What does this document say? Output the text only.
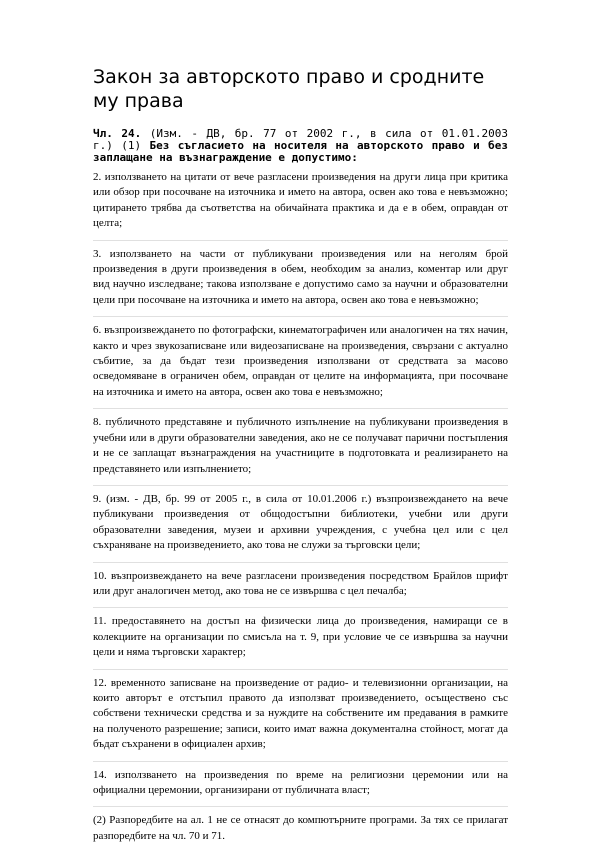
Закон за авторското право и сродните му права

Чл. 24. (Изм. - ДВ, бр. 77 от 2002 г., в сила от 01.01.2003 г.) (1) Без съгласието на носителя на авторското право и без заплащане на възнаграждение е допустимо:

2. използването на цитати от вече разгласени произведения на други лица при критика или обзор при посочване на източника и името на автора, освен ако това е невъзможно; цитирането трябва да съответства на обичайната практика и да е в обем, оправдан от целта;

3. използването на части от публикувани произведения или на неголям брой произведения в други произведения в обем, необходим за анализ, коментар или друг вид научно изследване; такова използване е допустимо само за научни и образователни цели при посочване на източника и името на автора, освен ако това е невъзможно;

6. възпроизвеждането по фотографски, кинематографичен или аналогичен на тях начин, както и чрез звукозаписване или видеозаписване на произведения, свързани с актуално събитие, за да бъдат тези произведения използвани от средствата за масово осведомяване в ограничен обем, оправдан от целите на информацията, при посочване на източника и името на автора, освен ако това е невъзможно;

8. публичното представяне и публичното изпълнение на публикувани произведения в учебни или в други образователни заведения, ако не се получават парични постъпления и не се заплащат възнаграждения на участниците в подготовката и реализирането на представянето или изпълнението;

9. (изм. - ДВ, бр. 99 от 2005 г., в сила от 10.01.2006 г.) възпроизвеждането на вече публикувани произведения от общодостъпни библиотеки, учебни или други образователни заведения, музеи и архивни учреждения, с учебна цел или с цел съхраняване на произведението, ако това не служи за търговски цели;

10. възпроизвеждането на вече разгласени произведения посредством Брайлов шрифт или друг аналогичен метод, ако това не се извършва с цел печалба;

11. предоставянето на достъп на физически лица до произведения, намиращи се в колекциите на организации по смисъла на т. 9, при условие че се извършва за научни цели и няма търговски характер;

12. временното записване на произведение от радио- и телевизионни организации, на които авторът е отстъпил правото да използват произведението, осъществено със собствени технически средства и за нуждите на собствените им предавания в рамките на полученото разрешение; записи, които имат важна документална стойност, могат да бъдат съхранени в официален архив;

14. използването на произведения по време на религиозни церемонии или на официални церемонии, организирани от публичната власт;

(2) Разпоредбите на ал. 1 не се отнасят до компютърните програми. За тях се прилагат разпоредбите на чл. 70 и 71.
